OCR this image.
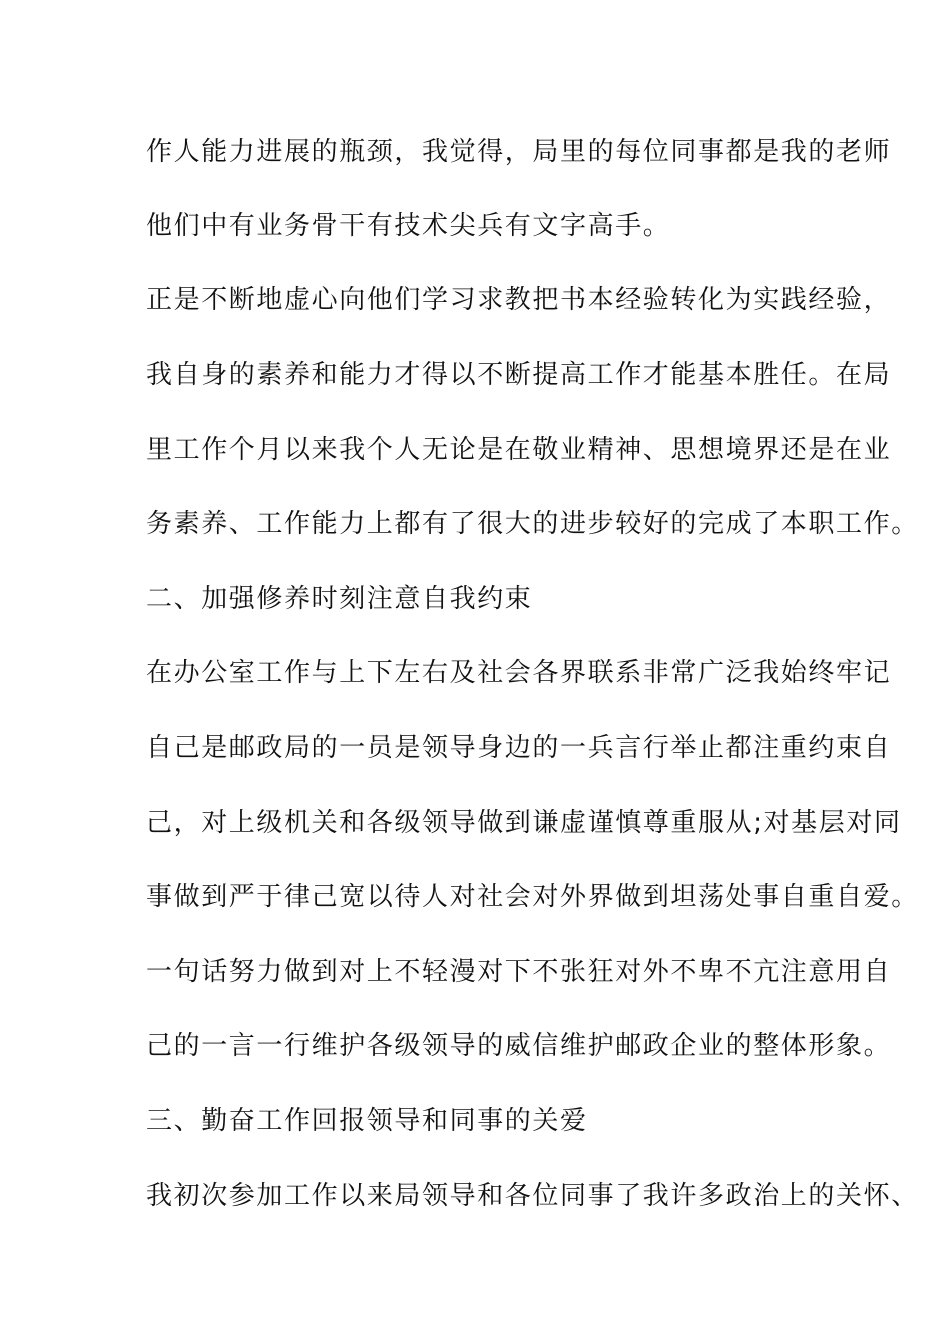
作人能力进展的瓶颈，我觉得，局里的每位同事都是我的老师
他们中有业务骨干有技术尖兵有文字高手。
正是不断地虚心向他们学习求教把书本经验转化为实践经验，
我自身的素养和能力才得以不断提高工作才能基本胜任。在局
里工作个月以来我个人无论是在敬业精神、思想境界还是在业
务素养、工作能力上都有了很大的进步较好的完成了本职工作。
二、加强修养时刻注意自我约束
在办公室工作与上下左右及社会各界联系非常广泛我始终牢记
自己是邮政局的一员是领导身边的一兵言行举止都注重约束自
己，对上级机关和各级领导做到谦虚谨慎尊重服从;对基层对同
事做到严于律己宽以待人对社会对外界做到坦荡处事自重自爱。
一句话努力做到对上不轻漫对下不张狂对外不卑不亢注意用自
己的一言一行维护各级领导的威信维护邮政企业的整体形象。
三、勤奋工作回报领导和同事的关爱
我初次参加工作以来局领导和各位同事了我许多政治上的关怀、
